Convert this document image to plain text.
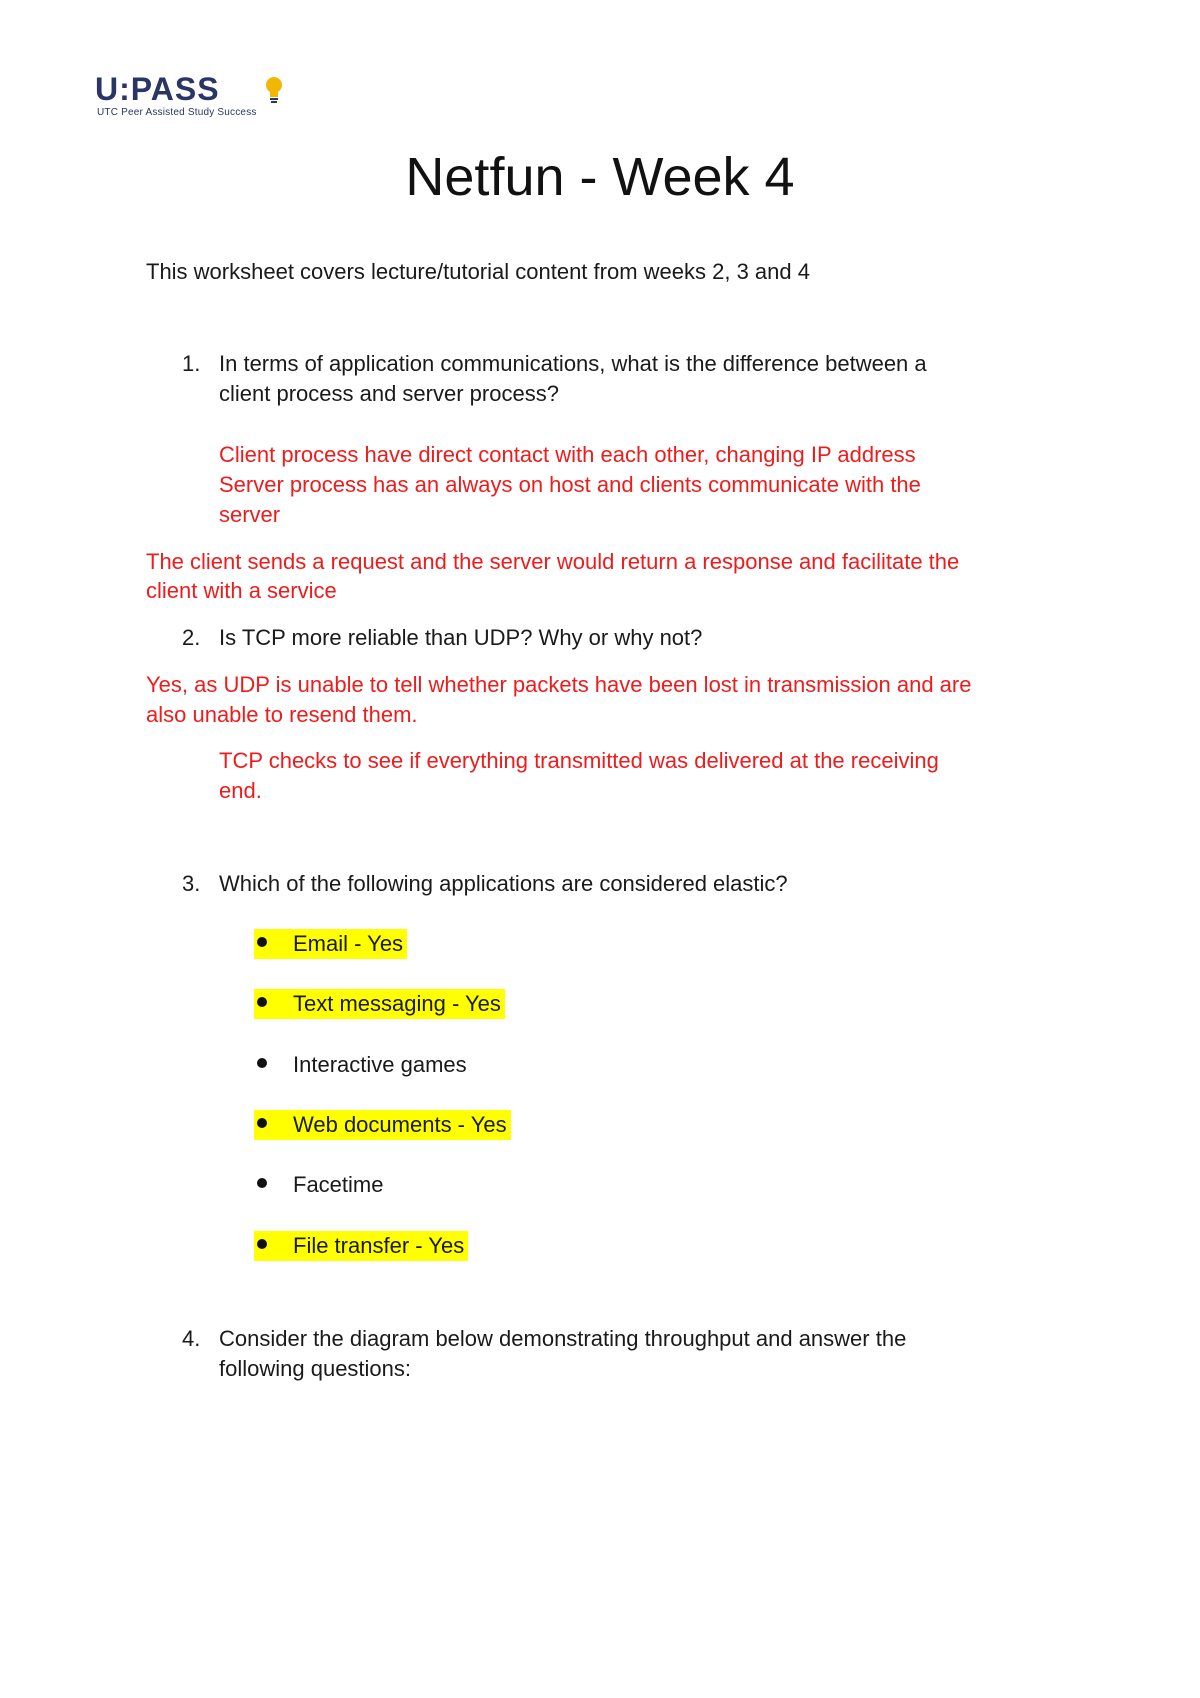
U:PASS
UTC Peer Assisted Study Success
Netfun - Week 4
This worksheet covers lecture/tutorial content from weeks 2, 3 and 4
1. In terms of application communications, what is the difference between a
client process and server process?
Client process have direct contact with each other, changing IP address
Server process has an always on host and clients communicate with the
server
The client sends a request and the server would return a response and facilitate the
client with a service
2. Is TCP more reliable than UDP? Why or why not?
Yes, as UDP is unable to tell whether packets have been lost in transmission and are
also unable to resend them.
TCP checks to see if everything transmitted was delivered at the receiving
end.
3. Which of the following applications are considered elastic?
Email - Yes
Text messaging - Yes
Interactive games
Web documents - Yes
Facetime
File transfer - Yes
4. Consider the diagram below demonstrating throughput and answer the
following questions:
